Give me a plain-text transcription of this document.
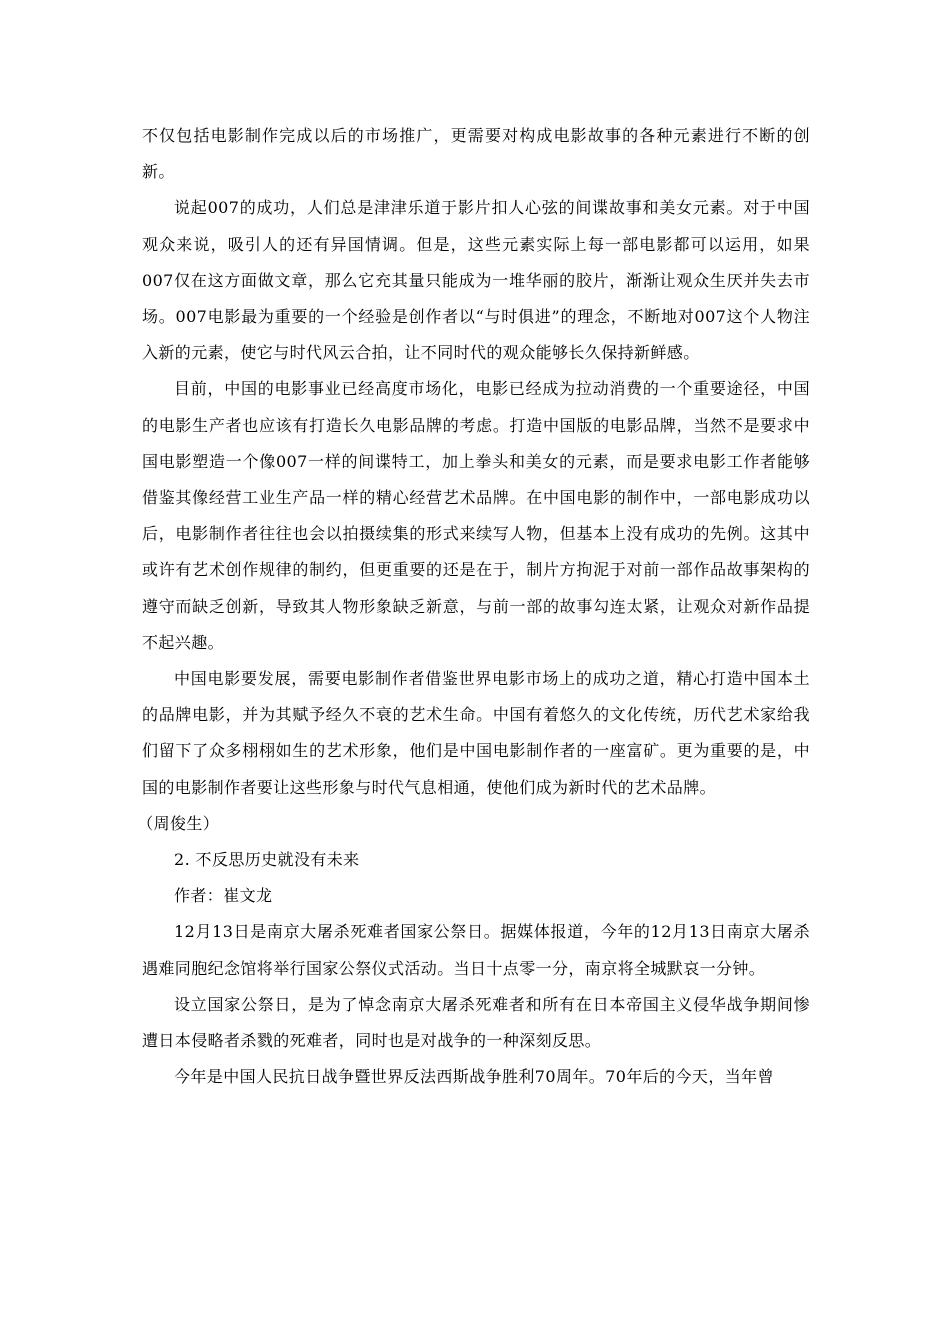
不仅包括电影制作完成以后的市场推广，更需要对构成电影故事的各种元素进行不断的创新。

说起007的成功，人们总是津津乐道于影片扣人心弦的间谍故事和美女元素。对于中国观众来说，吸引人的还有异国情调。但是，这些元素实际上每一部电影都可以运用，如果007仅在这方面做文章，那么它充其量只能成为一堆华丽的胶片，渐渐让观众生厌并失去市场。007电影最为重要的一个经验是创作者以“与时俱进”的理念，不断地对007这个人物注入新的元素，使它与时代风云合拍，让不同时代的观众能够长久保持新鲜感。

目前，中国的电影事业已经高度市场化，电影已经成为拉动消费的一个重要途径，中国的电影生产者也应该有打造长久电影品牌的考虑。打造中国版的电影品牌，当然不是要求中国电影塑造一个像007一样的间谍特工，加上拳头和美女的元素，而是要求电影工作者能够借鉴其像经营工业生产品一样的精心经营艺术品牌。在中国电影的制作中，一部电影成功以后，电影制作者往往也会以拍摄续集的形式来续写人物，但基本上没有成功的先例。这其中或许有艺术创作规律的制约，但更重要的还是在于，制片方拘泥于对前一部作品故事架构的遵守而缺乏创新，导致其人物形象缺乏新意，与前一部的故事勾连太紧，让观众对新作品提不起兴趣。

中国电影要发展，需要电影制作者借鉴世界电影市场上的成功之道，精心打造中国本土的品牌电影，并为其赋予经久不衰的艺术生命。中国有着悠久的文化传统，历代艺术家给我们留下了众多栩栩如生的艺术形象，他们是中国电影制作者的一座富矿。更为重要的是，中国的电影制作者要让这些形象与时代气息相通，使他们成为新时代的艺术品牌。

（周俊生）

2. 不反思历史就没有未来

作者：崔文龙

12月13日是南京大屠杀死难者国家公祭日。据媒体报道，今年的12月13日南京大屠杀遇难同胞纪念馆将举行国家公祭仪式活动。当日十点零一分，南京将全城默哀一分钟。

设立国家公祭日，是为了悼念南京大屠杀死难者和所有在日本帝国主义侵华战争期间惨遭日本侵略者杀戮的死难者，同时也是对战争的一种深刻反思。

今年是中国人民抗日战争暨世界反法西斯战争胜利70周年。70年后的今天，当年曾
